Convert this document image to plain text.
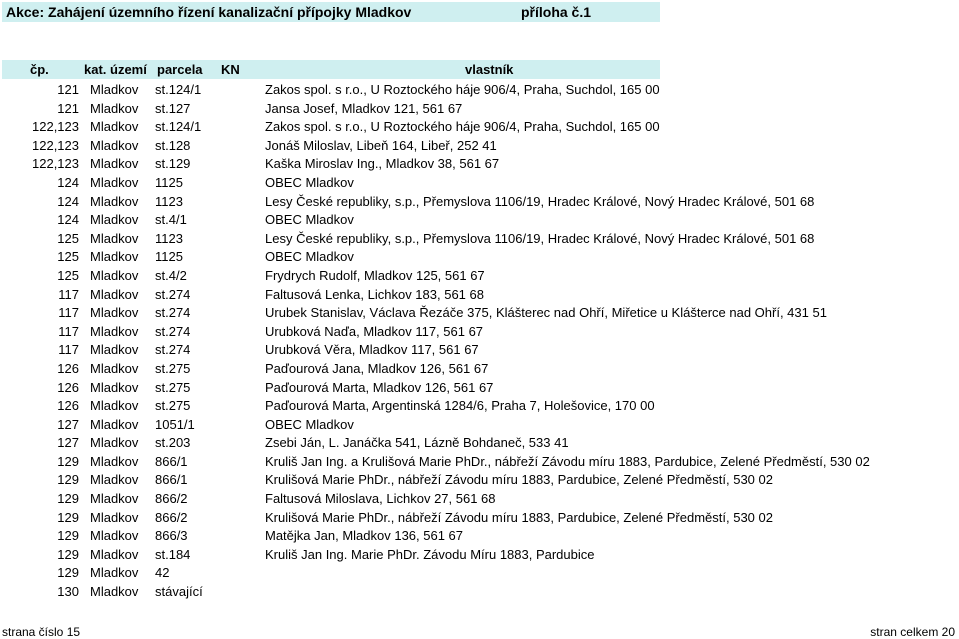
Akce: Zahájení územního řízení kanalizační přípojky Mladkov	příloha č.1
čp.	kat. území parcela KN	vlastník
121 Mladkov st.124/1	Zakos spol. s r.o., U Roztockého háje 906/4, Praha, Suchdol, 165 00
121 Mladkov st.127	Jansa Josef, Mladkov 121, 561 67
122,123 Mladkov st.124/1	Zakos spol. s r.o., U Roztockého háje 906/4, Praha, Suchdol, 165 00
122,123 Mladkov st.128	Jonáš Miloslav, Libeň 164, Libeř, 252 41
122,123 Mladkov st.129	Kaška Miroslav Ing., Mladkov 38, 561 67
124 Mladkov 1125	OBEC Mladkov
124 Mladkov 1123	Lesy České republiky, s.p., Přemyslova 1106/19, Hradec Králové, Nový Hradec Králové, 501 68
124 Mladkov st.4/1	OBEC Mladkov
125 Mladkov 1123	Lesy České republiky, s.p., Přemyslova 1106/19, Hradec Králové, Nový Hradec Králové, 501 68
125 Mladkov 1125	OBEC Mladkov
125 Mladkov st.4/2	Frydrych Rudolf, Mladkov 125, 561 67
117 Mladkov st.274	Faltusová Lenka, Lichkov 183, 561 68
117 Mladkov st.274	Urubek Stanislav, Václava Řezáče 375, Klášterec nad Ohří, Miřetice u Klášterce nad Ohří, 431 51
117 Mladkov st.274	Urubková Naďa, Mladkov 117, 561 67
117 Mladkov st.274	Urubková Věra, Mladkov 117, 561 67
126 Mladkov st.275	Paďourová Jana, Mladkov 126, 561 67
126 Mladkov st.275	Paďourová Marta, Mladkov 126, 561 67
126 Mladkov st.275	Paďourová Marta, Argentinská 1284/6, Praha 7, Holešovice, 170 00
127 Mladkov 1051/1	OBEC Mladkov
127 Mladkov st.203	Zsebi Ján, L. Janáčka 541, Lázně Bohdaneč, 533 41
129 Mladkov 866/1	Kruliš Jan Ing. a Krulišová Marie PhDr., nábřeží Závodu míru 1883, Pardubice, Zelené Předměstí, 530 02
129 Mladkov 866/1	Krulišová Marie PhDr., nábřeží Závodu míru 1883, Pardubice, Zelené Předměstí, 530 02
129 Mladkov 866/2	Faltusová Miloslava, Lichkov 27, 561 68
129 Mladkov 866/2	Krulišová Marie PhDr., nábřeží Závodu míru 1883, Pardubice, Zelené Předměstí, 530 02
129 Mladkov 866/3	Matějka Jan, Mladkov 136, 561 67
129 Mladkov st.184	Kruliš Jan Ing. Marie PhDr. Závodu Míru 1883, Pardubice
129 Mladkov 42
130 Mladkov stávající
strana číslo 15	stran celkem 20
